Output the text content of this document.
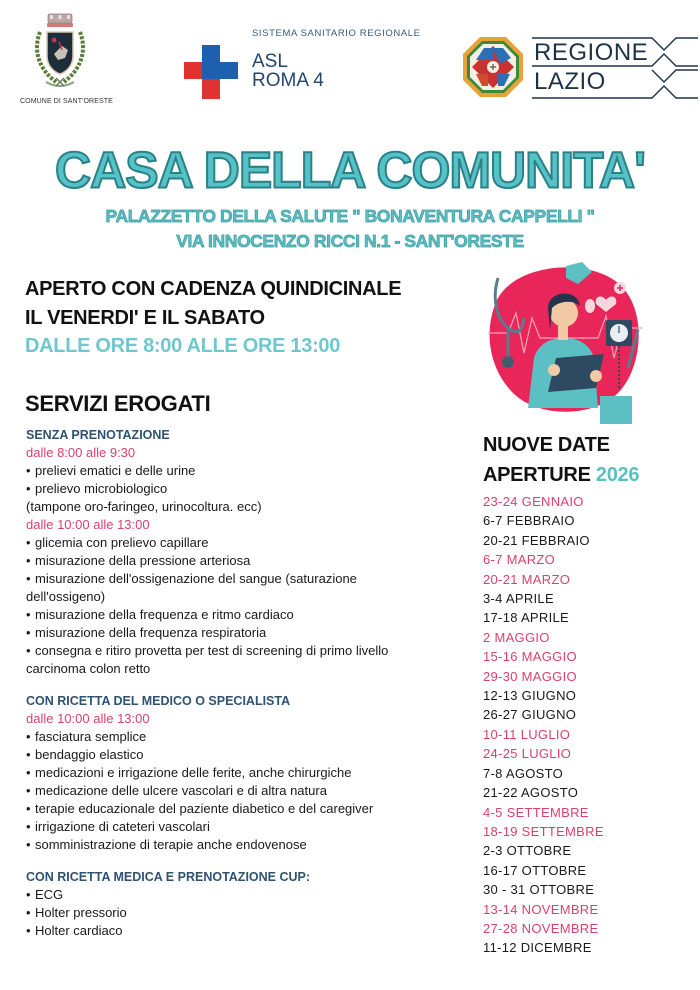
COMUNE DI SANT'ORESTE
SISTEMA SANITARIO REGIONALE
ASL
ROMA 4
REGIONE
LAZIO
CASA DELLA COMUNITA'
PALAZZETTO DELLA SALUTE " BONAVENTURA CAPPELLI "
VIA INNOCENZO RICCI N.1 - SANT'ORESTE
APERTO CON CADENZA QUINDICINALE
IL VENERDI' E IL SABATO
DALLE ORE 8:00 ALLE ORE 13:00
SERVIZI EROGATI
SENZA PRENOTAZIONE
dalle 8:00 alle 9:30
• prelievi ematici e delle urine
• prelievo microbiologico
(tampone oro-faringeo, urinocoltura. ecc)
dalle 10:00 alle 13:00
• glicemia con prelievo capillare
• misurazione della pressione arteriosa
• misurazione dell'ossigenazione del sangue (saturazione
dell'ossigeno)
• misurazione della frequenza e ritmo cardiaco
• misurazione della frequenza respiratoria
• consegna e ritiro provetta per test di screening di primo livello
carcinoma colon retto
CON RICETTA DEL MEDICO O SPECIALISTA
dalle 10:00 alle 13:00
• fasciatura semplice
• bendaggio elastico
• medicazioni e irrigazione delle ferite, anche chirurgiche
• medicazione delle ulcere vascolari e di altra natura
• terapie educazionale del paziente diabetico e del caregiver
• irrigazione di cateteri vascolari
• somministrazione di terapie anche endovenose
CON RICETTA MEDICA E PRENOTAZIONE CUP:
• ECG
• Holter pressorio
• Holter cardiaco
NUOVE DATE
APERTURE 2026
23-24 GENNAIO
6-7 FEBBRAIO
20-21 FEBBRAIO
6-7 MARZO
20-21 MARZO
3-4 APRILE
17-18 APRILE
2 MAGGIO
15-16 MAGGIO
29-30 MAGGIO
12-13 GIUGNO
26-27 GIUGNO
10-11 LUGLIO
24-25 LUGLIO
7-8 AGOSTO
21-22 AGOSTO
4-5 SETTEMBRE
18-19 SETTEMBRE
2-3 OTTOBRE
16-17 OTTOBRE
30 - 31 OTTOBRE
13-14 NOVEMBRE
27-28 NOVEMBRE
11-12 DICEMBRE
